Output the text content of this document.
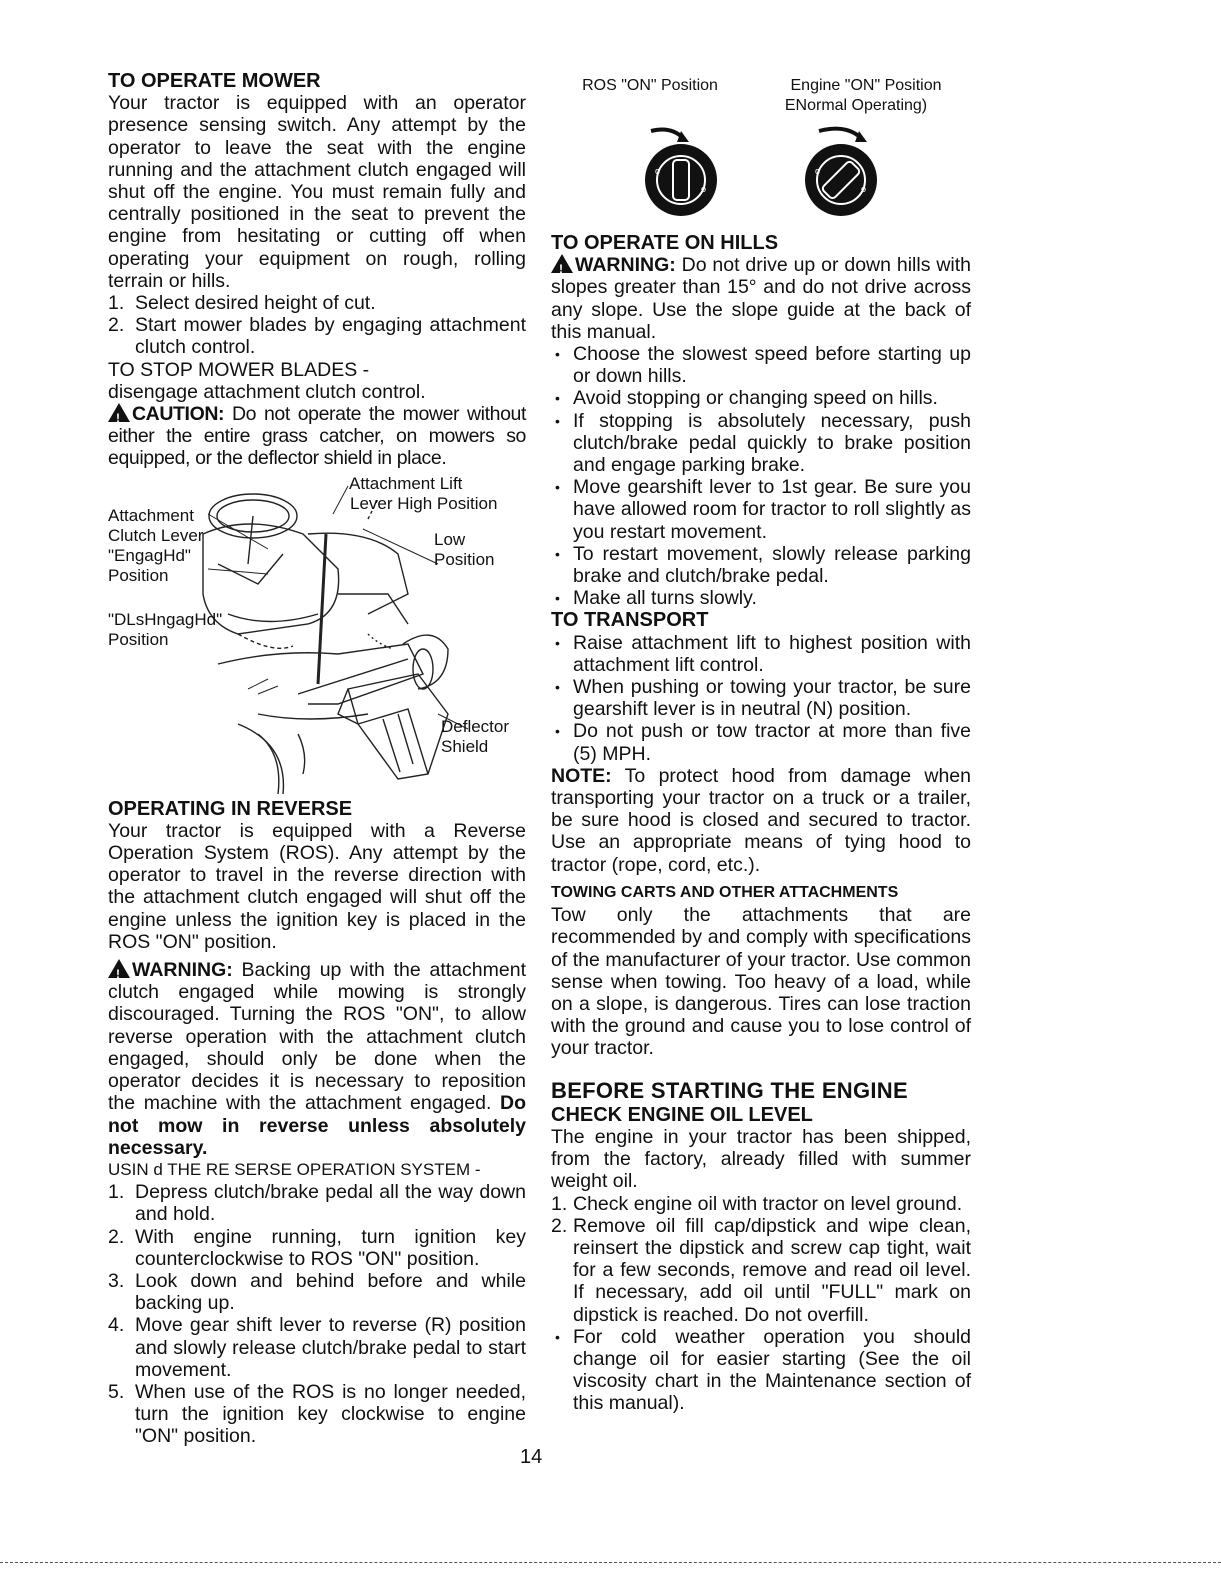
TO OPERATE MOWER

Your tractor is equipped with an operator presence sensing switch. Any attempt by the operator to leave the seat with the engine running and the attachment clutch engaged will shut off the engine. You must remain fully and centrally positioned in the seat to prevent the engine from hesitating or cutting off when operating your equipment on rough, rolling terrain or hills.

1. Select desired height of cut.
2. Start mower blades by engaging attachment clutch control.

TO STOP MOWER BLADES -

disengage attachment clutch control.

!CAUTION: Do not operate the mower without either the entire grass catcher, on mowers so equipped, or the deflector shield in place.

Attachment Lift
Lever High Position
Low
Position
Attachment
Clutch Lever
"EngagHd"
Position
"DLsHngagHd"
Position
Deflector
Shield

OPERATING IN REVERSE

Your tractor is equipped with a Reverse Operation System (ROS). Any attempt by the operator to travel in the reverse direction with the attachment clutch engaged will shut off the engine unless the ignition key is placed in the ROS "ON" position.

!WARNING: Backing up with the attachment clutch engaged while mowing is strongly discouraged. Turning the ROS "ON", to allow reverse operation with the attachment clutch engaged, should only be done when the operator decides it is necessary to reposition the machine with the attachment engaged. Do not mow in reverse unless absolutely necessary.

USIN d THE RE SERSE OPERATION SYSTEM -

1. Depress clutch/brake pedal all the way down and hold.
2. With engine running, turn ignition key counterclockwise to ROS "ON" position.
3. Look down and behind before and while backing up.
4. Move gear shift lever to reverse (R) position and slowly release clutch/brake pedal to start movement.
5. When use of the ROS is no longer needed, turn the ignition key clockwise to engine "ON" position.
ROS "ON" Position	Engine "ON" Position
ENormal Operating)
o
o
o
o

TO OPERATE ON HILLS

!WARNING: Do not drive up or down hills with slopes greater than 15° and do not drive across any slope. Use the slope guide at the back of this manual.

• Choose the slowest speed before starting up or down hills.
• Avoid stopping or changing speed on hills.
• If stopping is absolutely necessary, push clutch/brake pedal quickly to brake position and engage parking brake.
• Move gearshift lever to 1st gear. Be sure you have allowed room for tractor to roll slightly as you restart movement.
• To restart movement, slowly release parking brake and clutch/brake pedal.
• Make all turns slowly.

TO TRANSPORT

• Raise attachment lift to highest position with attachment lift control.
• When pushing or towing your tractor, be sure gearshift lever is in neutral (N) position.
• Do not push or tow tractor at more than five (5) MPH.

NOTE: To protect hood from damage when transporting your tractor on a truck or a trailer, be sure hood is closed and secured to tractor. Use an appropriate means of tying hood to tractor (rope, cord, etc.).

TOWING CARTS AND OTHER ATTACHMENTS

Tow only the attachments that are recommended by and comply with specifications of the manufacturer of your tractor. Use common sense when towing. Too heavy of a load, while on a slope, is dangerous. Tires can lose traction with the ground and cause you to lose control of your tractor.

BEFORE STARTING THE ENGINE

CHECK ENGINE OIL LEVEL

The engine in your tractor has been shipped, from the factory, already filled with summer weight oil.

1. Check engine oil with tractor on level ground.
2. Remove oil fill cap/dipstick and wipe clean, reinsert the dipstick and screw cap tight, wait for a few seconds, remove and read oil level. If necessary, add oil until "FULL" mark on dipstick is reached. Do not overfill.
• For cold weather operation you should change oil for easier starting (See the oil viscosity chart in the Maintenance section of this manual).
14
